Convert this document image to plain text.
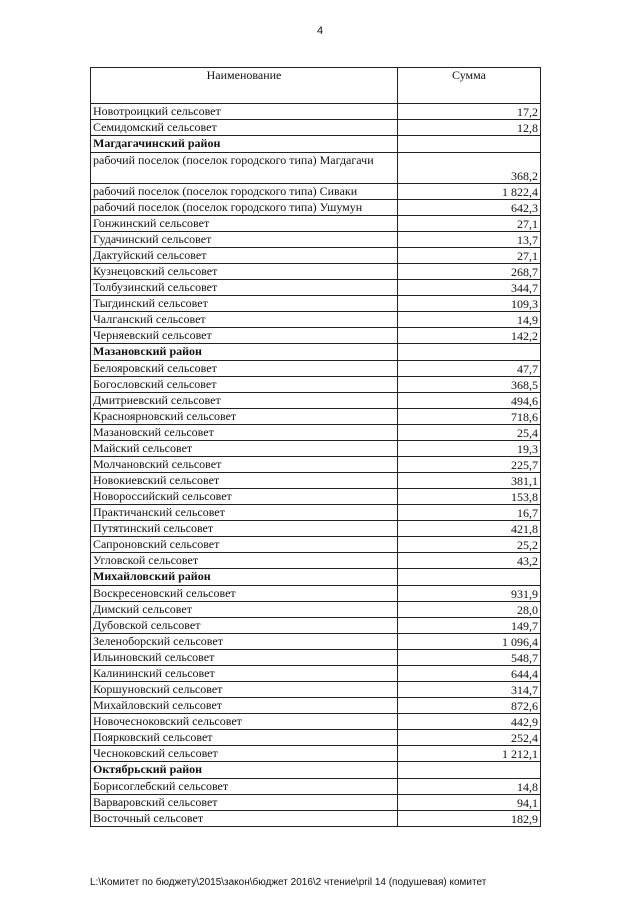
4
Наименование	Сумма
Новотроицкий сельсовет	17,2
Семидомский сельсовет	12,8
Магдагачинский район	
рабочий поселок (поселок городского типа) Магдагачи	368,2
рабочий поселок (поселок городского типа) Сиваки	1 822,4
рабочий поселок (поселок городского типа) Ушумун	642,3
Гонжинский сельсовет	27,1
Гудачинский сельсовет	13,7
Дактуйский сельсовет	27,1
Кузнецовский сельсовет	268,7
Толбузинский сельсовет	344,7
Тыгдинский сельсовет	109,3
Чалганский сельсовет	14,9
Черняевский сельсовет	142,2
Мазановский район	
Белояровский сельсовет	47,7
Богословский сельсовет	368,5
Дмитриевский сельсовет	494,6
Красноярновский сельсовет	718,6
Мазановский сельсовет	25,4
Майский сельсовет	19,3
Молчановский сельсовет	225,7
Новокиевский сельсовет	381,1
Новороссийский сельсовет	153,8
Практичанский сельсовет	16,7
Путятинский сельсовет	421,8
Сапроновский сельсовет	25,2
Угловской сельсовет	43,2
Михайловский район	
Воскресеновский сельсовет	931,9
Димский сельсовет	28,0
Дубовской сельсовет	149,7
Зеленоборский сельсовет	1 096,4
Ильиновский сельсовет	548,7
Калининский сельсовет	644,4
Коршуновский сельсовет	314,7
Михайловский сельсовет	872,6
Новочесноковский сельсовет	442,9
Поярковский сельсовет	252,4
Чесноковский сельсовет	1 212,1
Октябрьский район	
Борисоглебский сельсовет	14,8
Варваровский сельсовет	94,1
Восточный сельсовет	182,9
L:\Комитет по бюджету\2015\закон\бюджет 2016\2 чтение\pril 14 (подушевая) комитет
